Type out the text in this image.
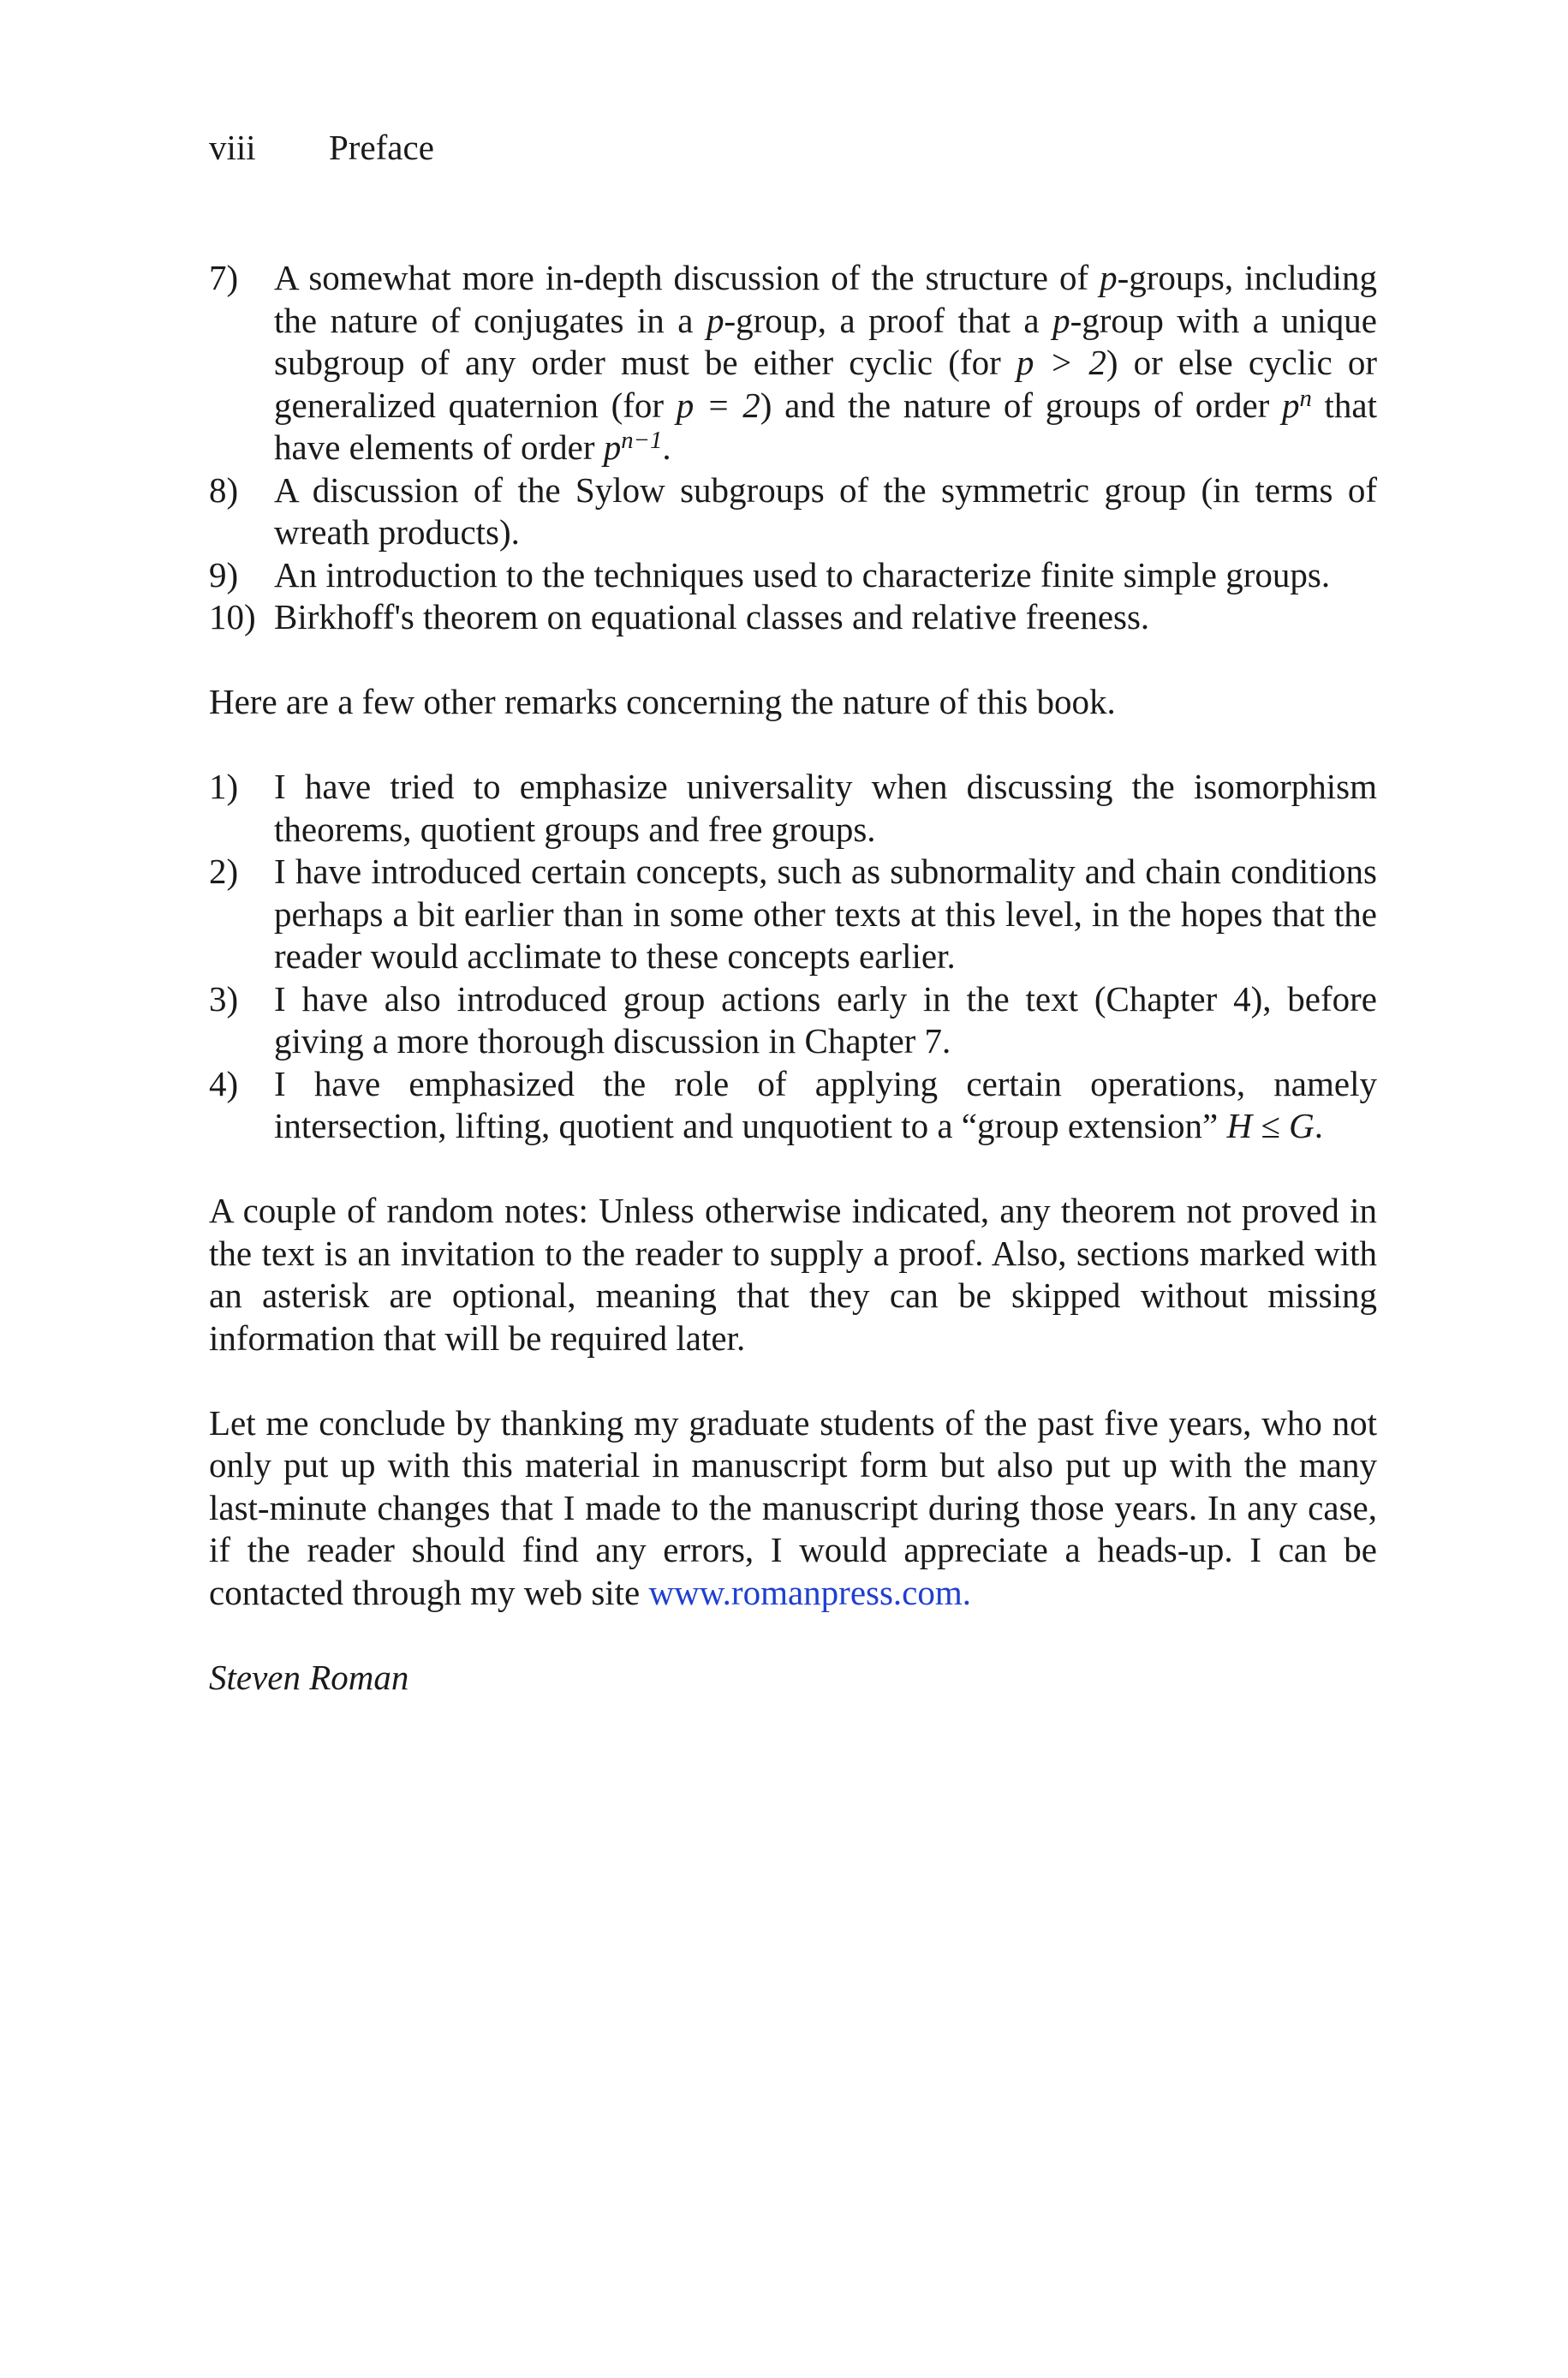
viii Preface
7)	A somewhat more in-depth discussion of the structure of p-groups, including the nature of conjugates in a p-group, a proof that a p-group with a unique subgroup of any order must be either cyclic (for p > 2) or else cyclic or generalized quaternion (for p = 2) and the nature of groups of order $p^n$ that have elements of order $p^{n-1}$.
8)	A discussion of the Sylow subgroups of the symmetric group (in terms of wreath products).
9)	An introduction to the techniques used to characterize finite simple groups.
10) Birkhoff's theorem on equational classes and relative freeness.

Here are a few other remarks concerning the nature of this book.

1)	I have tried to emphasize universality when discussing the isomorphism theorems, quotient groups and free groups.
2)	I have introduced certain concepts, such as subnormality and chain conditions perhaps a bit earlier than in some other texts at this level, in the hopes that the reader would acclimate to these concepts earlier.
3)	I have also introduced group actions early in the text (Chapter 4), before giving a more thorough discussion in Chapter 7.
4)	I have emphasized the role of applying certain operations, namely intersection, lifting, quotient and unquotient to a “group extension” H ≤ G.

A couple of random notes: Unless otherwise indicated, any theorem not proved in the text is an invitation to the reader to supply a proof. Also, sections marked with an asterisk are optional, meaning that they can be skipped without missing information that will be required later.

Let me conclude by thanking my graduate students of the past five years, who not only put up with this material in manuscript form but also put up with the many last-minute changes that I made to the manuscript during those years. In any case, if the reader should find any errors, I would appreciate a heads-up. I can be contacted through my web site www.romanpress.com.

Steven Roman
